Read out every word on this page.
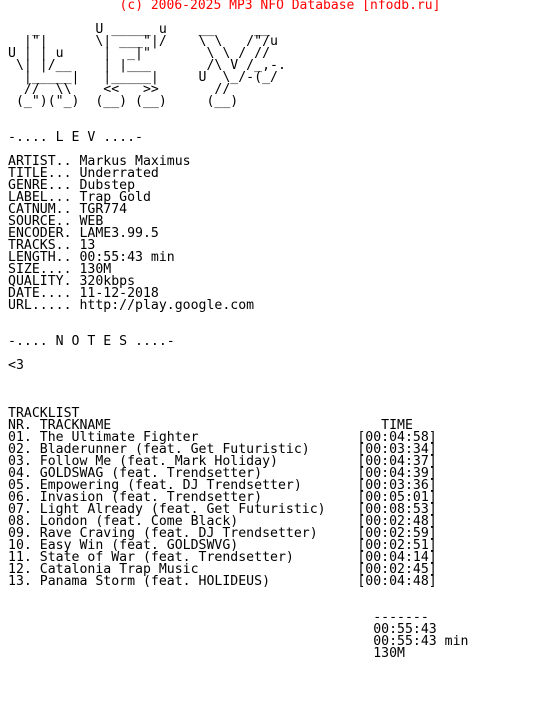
(c) 2006-2025 MP3 NFO Database [nfodb.ru]

_       U _____ u    __     __
|"|      \| ___"|/    \ \   /"/u
U | | u     |  _|"       \ \ / //
\| |/__    | |___       /\ V /_,-.
|_____|   |_____|     U  \_/-(_/
//  \\    <<   >>       //
(_")("_)  (__) (__)     (__)

-.... L E V ....-

ARTIST.. Markus Maximus
TITLE... Underrated
GENRE... Dubstep
LABEL... Trap Gold
CATNUM.. TGR774
SOURCE.. WEB
ENCODER. LAME3.99.5
TRACKS.. 13
LENGTH.. 00:55:43 min
SIZE.... 130M
QUALITY. 320kbps
DATE.... 11-12-2018
URL..... http://play.google.com

-.... N O T E S ....-

<3

TRACKLIST
NR. TRACKNAME                                  TIME
01. The Ultimate Fighter                    [00:04:58]
02. Bladerunner (feat. Get Futuristic)      [00:03:34]
03. Follow Me (feat. Mark Holiday)          [00:04:37]
04. GOLDSWAG (feat. Trendsetter)            [00:04:39]
05. Empowering (feat. DJ Trendsetter)       [00:03:36]
06. Invasion (feat. Trendsetter)            [00:05:01]
07. Light Already (feat. Get Futuristic)    [00:08:53]
08. London (feat. Come Black)               [00:02:48]
09. Rave Craving (feat. DJ Trendsetter)     [00:02:59]
10. Easy Win (feat. GOLDSWVG)               [00:02:51]
11. State of War (feat. Trendsetter)        [00:04:14]
12. Catalonia Trap Music                    [00:02:45]
13. Panama Storm (feat. HOLIDEUS)           [00:04:48]

-------
00:55:43
00:55:43 min
130M
